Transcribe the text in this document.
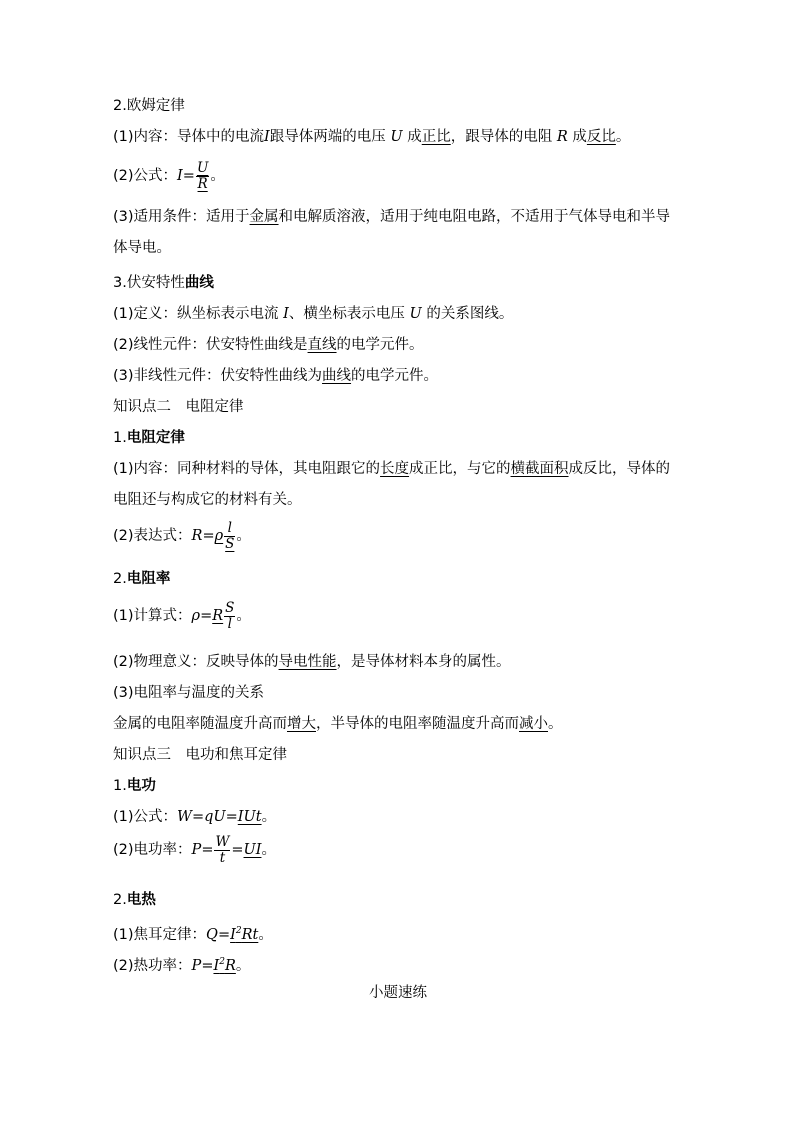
2.欧姆定律
(1)内容：导体中的电流I跟导体两端的电压 U 成正比，跟导体的电阻 R 成反比。
(2)公式：$I= \frac{U}{R}$ 。
(3)适用条件：适用于金属和电解质溶液，适用于纯电阻电路，不适用于气体导电和半导体导电。
3.伏安特性曲线
(1)定义：纵坐标表示电流 I、横坐标表示电压 U 的关系图线。
(2)线性元件：伏安特性曲线是直线的电学元件。
(3)非线性元件：伏安特性曲线为曲线的电学元件。
知识点二　电阻定律
1.电阻定律
(1)内容：同种材料的导体，其电阻跟它的长度成正比，与它的横截面积成反比，导体的电阻还与构成它的材料有关。
(2)表达式：$R=\rho \frac{l}{S}$ 。
2.电阻率
(1)计算式：$\rho=R \frac{S}{l}$ 。
(2)物理意义：反映导体的导电性能，是导体材料本身的属性。
(3)电阻率与温度的关系
金属的电阻率随温度升高而增大，半导体的电阻率随温度升高而减小。
知识点三　电功和焦耳定律
1.电功
(1)公式：W=qU=IUt。
(2)电功率：$P= \frac{W}{t} =UI$。
2.电热
(1)焦耳定律：$Q=I^2Rt$。
(2)热功率：$P=I^2R$。
小题速练
